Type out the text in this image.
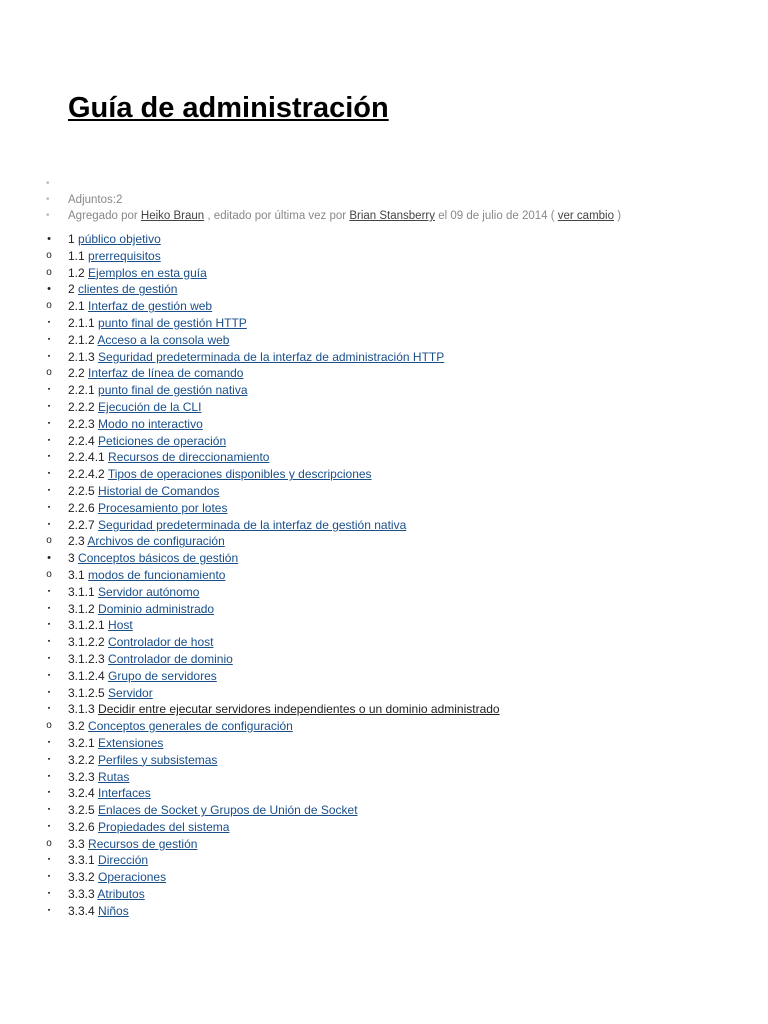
Guía de administración
•
• Adjuntos:2
• Agregado por Heiko Braun , editado por última vez por Brian Stansberry el 09 de julio de 2014 ( ver cambio )
•	1 público objetivo
o 1.1 prerrequisitos
o 1.2 Ejemplos en esta guía
•	2 clientes de gestión
o 2.1 Interfaz de gestión web
▪	2.1.1 punto final de gestión HTTP
▪	2.1.2 Acceso a la consola web
▪	2.1.3 Seguridad predeterminada de la interfaz de administración HTTP
o 2.2 Interfaz de línea de comando
▪	2.2.1 punto final de gestión nativa
▪	2.2.2 Ejecución de la CLI
▪	2.2.3 Modo no interactivo
▪	2.2.4 Peticiones de operación
▪	2.2.4.1 Recursos de direccionamiento
▪	2.2.4.2 Tipos de operaciones disponibles y descripciones
▪	2.2.5 Historial de Comandos
▪	2.2.6 Procesamiento por lotes
▪	2.2.7 Seguridad predeterminada de la interfaz de gestión nativa
o 2.3 Archivos de configuración
•	3 Conceptos básicos de gestión
o 3.1 modos de funcionamiento
▪	3.1.1 Servidor autónomo
▪	3.1.2 Dominio administrado
▪	3.1.2.1 Host
▪	3.1.2.2 Controlador de host
▪	3.1.2.3 Controlador de dominio
▪	3.1.2.4 Grupo de servidores
▪	3.1.2.5 Servidor
▪	3.1.3 Decidir entre ejecutar servidores independientes o un dominio administrado
o 3.2 Conceptos generales de configuración
▪	3.2.1 Extensiones
▪	3.2.2 Perfiles y subsistemas
▪	3.2.3 Rutas
▪	3.2.4 Interfaces
▪	3.2.5 Enlaces de Socket y Grupos de Unión de Socket
▪	3.2.6 Propiedades del sistema
o 3.3 Recursos de gestión
▪	3.3.1 Dirección
▪	3.3.2 Operaciones
▪	3.3.3 Atributos
▪	3.3.4 Niños
